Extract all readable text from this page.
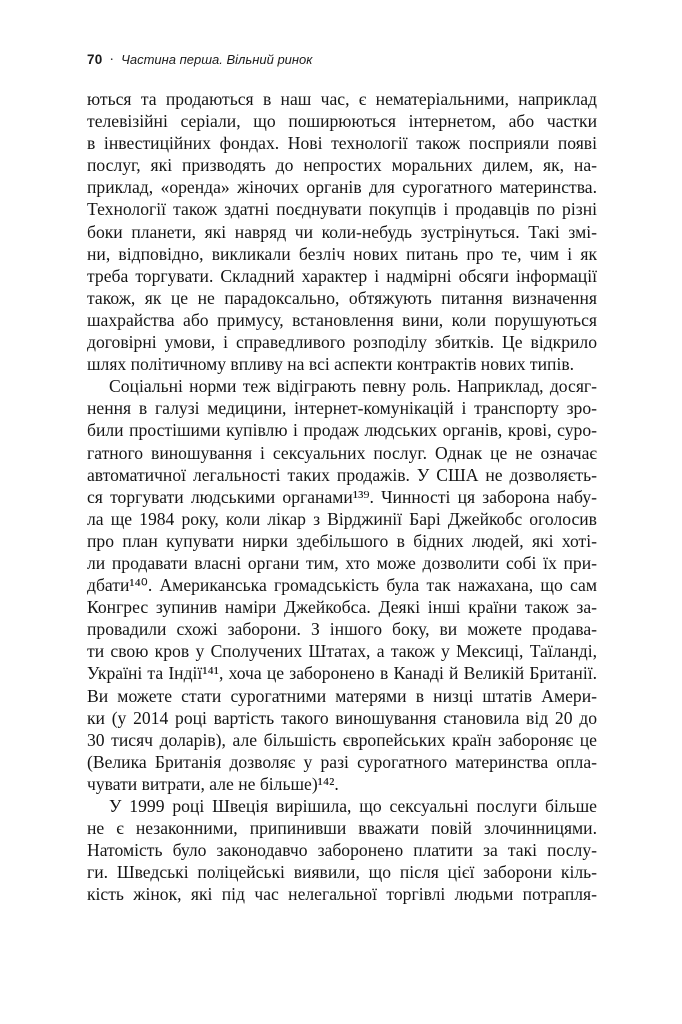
70 · Частина перша. Вільний ринок
ються та продаються в наш час, є нематеріальними, наприклад
телевізійні серіали, що поширюються інтернетом, або частки
в інвестиційних фондах. Нові технології також посприяли появі
послуг, які призводять до непростих моральних дилем, як, на-
приклад, «оренда» жіночих органів для сурогатного материнства.
Технології також здатні поєднувати покупців і продавців по різні
боки планети, які навряд чи коли-небудь зустрінуться. Такі змі-
ни, відповідно, викликали безліч нових питань про те, чим і як
треба торгувати. Складний характер і надмірні обсяги інформації
також, як це не парадоксально, обтяжують питання визначення
шахрайства або примусу, встановлення вини, коли порушуються
договірні умови, і справедливого розподілу збитків. Це відкрило
шлях політичному впливу на всі аспекти контрактів нових типів.
Соціальні норми теж відіграють певну роль. Наприклад, досяг-
нення в галузі медицини, інтернет-комунікацій і транспорту зро-
били простішими купівлю і продаж людських органів, крові, суро-
гатного виношування і сексуальних послуг. Однак це не означає
автоматичної легальності таких продажів. У США не дозволяєть-
ся торгувати людськими органами¹³⁹. Чинності ця заборона набу-
ла ще 1984 року, коли лікар з Вірджинії Барі Джейкобс оголосив
про план купувати нирки здебільшого в бідних людей, які хоті-
ли продавати власні органи тим, хто може дозволити собі їх при-
дбати¹⁴⁰. Американська громадськість була так нажахана, що сам
Конгрес зупинив наміри Джейкобса. Деякі інші країни також за-
провадили схожі заборони. З іншого боку, ви можете продава-
ти свою кров у Сполучених Штатах, а також у Мексиці, Таїланді,
Україні та Індії¹⁴¹, хоча це заборонено в Канаді й Великій Британії.
Ви можете стати сурогатними матерями в низці штатів Амери-
ки (у 2014 році вартість такого виношування становила від 20 до
30 тисяч доларів), але більшість європейських країн забороняє це
(Велика Британія дозволяє у разі сурогатного материнства опла-
чувати витрати, але не більше)¹⁴².
У 1999 році Швеція вирішила, що сексуальні послуги більше
не є незаконними, припинивши вважати повій злочинницями.
Натомість було законодавчо заборонено платити за такі послу-
ги. Шведські поліцейські виявили, що після цієї заборони кіль-
кість жінок, які під час нелегальної торгівлі людьми потрапля-
